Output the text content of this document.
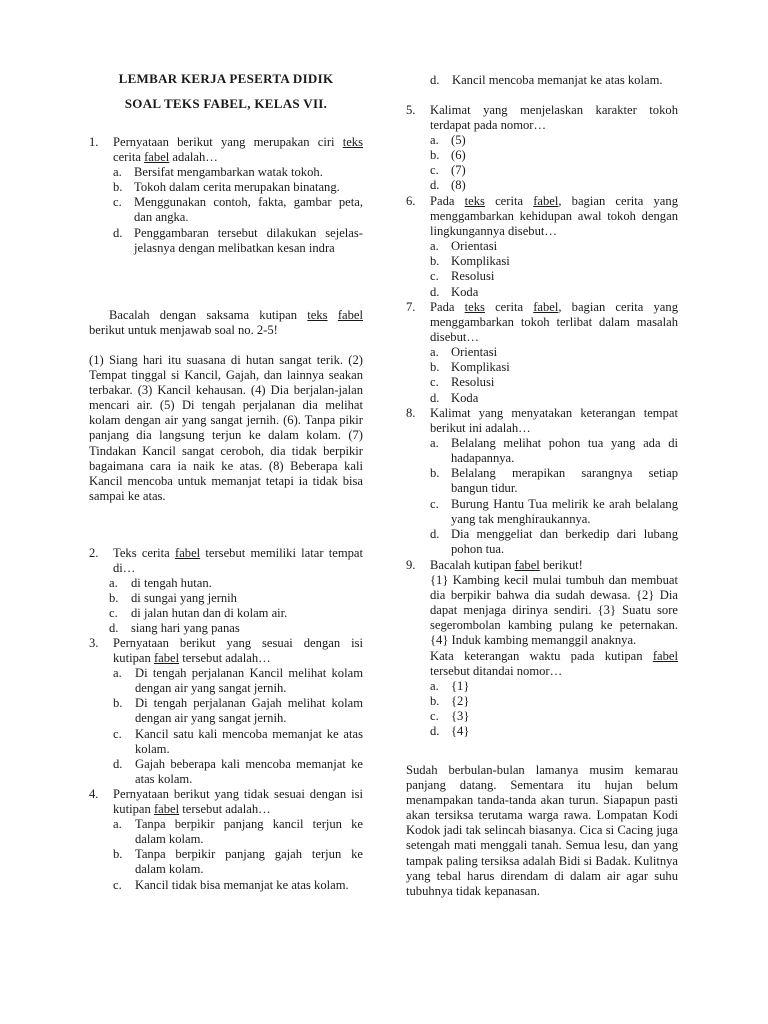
LEMBAR KERJA PESERTA DIDIK
SOAL TEKS FABEL, KELAS VII.
1. Pernyataan berikut yang merupakan ciri teks cerita fabel adalah…
a. Bersifat mengambarkan watak tokoh.
b. Tokoh dalam cerita merupakan binatang.
c. Menggunakan contoh, fakta, gambar peta, dan angka.
d. Penggambaran tersebut dilakukan sejelas-jelasnya dengan melibatkan kesan indra
Bacalah dengan saksama kutipan teks fabel berikut untuk menjawab soal no. 2-5!
(1) Siang hari itu suasana di hutan sangat terik. (2) Tempat tinggal si Kancil, Gajah, dan lainnya seakan terbakar. (3) Kancil kehausan. (4) Dia berjalan-jalan mencari air. (5) Di tengah perjalanan dia melihat kolam dengan air yang sangat jernih. (6). Tanpa pikir panjang dia langsung terjun ke dalam kolam. (7) Tindakan Kancil sangat ceroboh, dia tidak berpikir bagaimana cara ia naik ke atas. (8) Beberapa kali Kancil mencoba untuk memanjat tetapi ia tidak bisa sampai ke atas.
2. Teks cerita fabel tersebut memiliki latar tempat di…
a. di tengah hutan.
b. di sungai yang jernih
c. di jalan hutan dan di kolam air.
d. siang hari yang panas
3. Pernyataan berikut yang sesuai dengan isi kutipan fabel tersebut adalah…
a. Di tengah perjalanan Kancil melihat kolam dengan air yang sangat jernih.
b. Di tengah perjalanan Gajah melihat kolam dengan air yang sangat jernih.
c. Kancil satu kali mencoba memanjat ke atas kolam.
d. Gajah beberapa kali mencoba memanjat ke atas kolam.
4. Pernyataan berikut yang tidak sesuai dengan isi kutipan fabel tersebut adalah…
a. Tanpa berpikir panjang kancil terjun ke dalam kolam.
b. Tanpa berpikir panjang gajah terjun ke dalam kolam.
c. Kancil tidak bisa memanjat ke atas kolam.
d. Kancil mencoba memanjat ke atas kolam.
5. Kalimat yang menjelaskan karakter tokoh terdapat pada nomor…
a. (5)
b. (6)
c. (7)
d. (8)
6. Pada teks cerita fabel, bagian cerita yang menggambarkan kehidupan awal tokoh dengan lingkungannya disebut…
a. Orientasi
b. Komplikasi
c. Resolusi
d. Koda
7. Pada teks cerita fabel, bagian cerita yang menggambarkan tokoh terlibat dalam masalah disebut…
a. Orientasi
b. Komplikasi
c. Resolusi
d. Koda
8. Kalimat yang menyatakan keterangan tempat berikut ini adalah…
a. Belalang melihat pohon tua yang ada di hadapannya.
b. Belalang merapikan sarangnya setiap bangun tidur.
c. Burung Hantu Tua melirik ke arah belalang yang tak menghiraukannya.
d. Dia menggeliat dan berkedip dari lubang pohon tua.
9. Bacalah kutipan fabel berikut!
{1} Kambing kecil mulai tumbuh dan membuat dia berpikir bahwa dia sudah dewasa. {2} Dia dapat menjaga dirinya sendiri. {3} Suatu sore segerombolan kambing pulang ke peternakan. {4} Induk kambing memanggil anaknya.
Kata keterangan waktu pada kutipan fabel tersebut ditandai nomor…
a. {1}
b. {2}
c. {3}
d. {4}
Sudah berbulan-bulan lamanya musim kemarau panjang datang. Sementara itu hujan belum menampakan tanda-tanda akan turun. Siapapun pasti akan tersiksa terutama warga rawa. Lompatan Kodi Kodok jadi tak selincah biasanya. Cica si Cacing juga setengah mati menggali tanah. Semua lesu, dan yang tampak paling tersiksa adalah Bidi si Badak. Kulitnya yang tebal harus direndam di dalam air agar suhu tubuhnya tidak kepanasan.
